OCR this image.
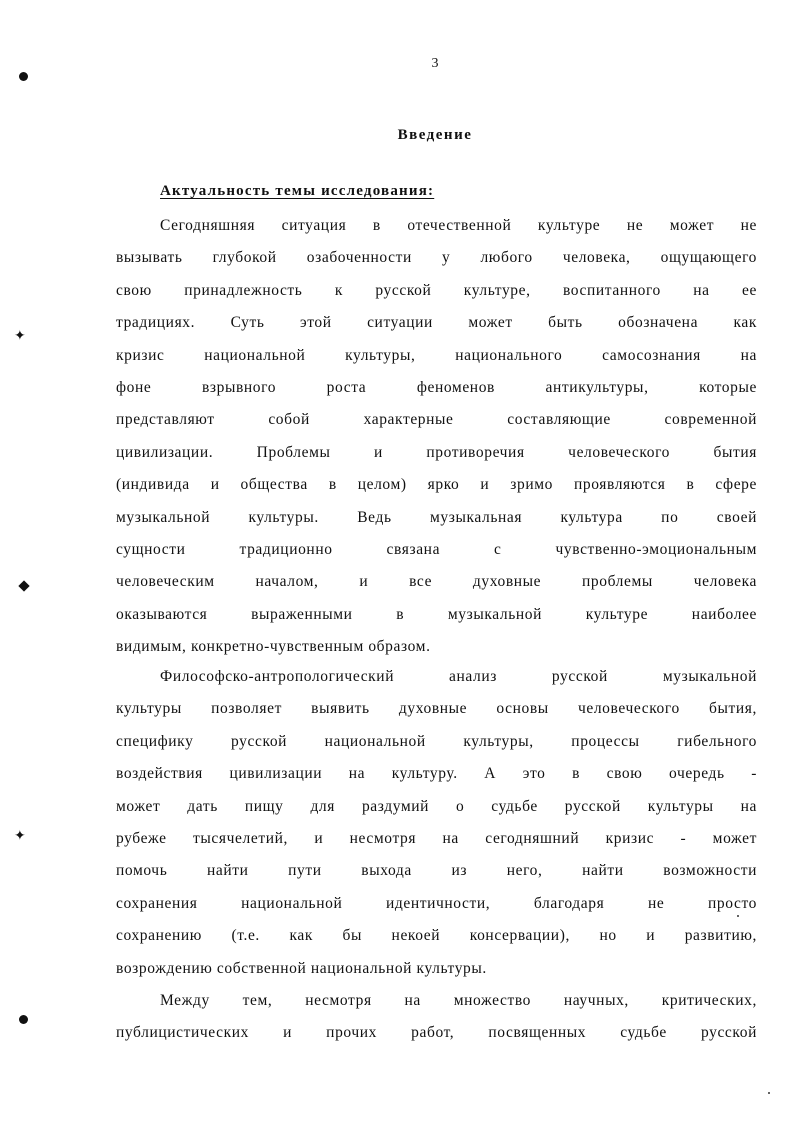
3
Введение
Актуальность темы исследования:
Сегодняшняя ситуация в отечественной культуре не может не
вызывать глубокой озабоченности у любого человека, ощущающего
свою принадлежность к русской культуре, воспитанного на ее
традициях. Суть этой ситуации может быть обозначена как
кризис национальной культуры, национального самосознания на
фоне взрывного роста феноменов антикультуры, которые
представляют собой характерные составляющие современной
цивилизации. Проблемы и противоречия человеческого бытия
(индивида и общества в целом) ярко и зримо проявляются в сфере
музыкальной культуры. Ведь музыкальная культура по своей
сущности традиционно связана с чувственно-эмоциональным
человеческим началом, и все духовные проблемы человека
оказываются выраженными в музыкальной культуре наиболее
видимым, конкретно-чувственным образом.
Философско-антропологический анализ русской музыкальной
культуры позволяет выявить духовные основы человеческого бытия,
специфику русской национальной культуры, процессы гибельного
воздействия цивилизации на культуру. А это в свою очередь -
может дать пищу для раздумий о судьбе русской культуры на
рубеже тысячелетий, и несмотря на сегодняшний кризис - может
помочь найти пути выхода из него, найти возможности
сохранения национальной идентичности, благодаря не просто
сохранению (т.е. как бы некоей консервации), но и развитию,
возрождению собственной национальной культуры.
Между тем, несмотря на множество научных, критических,
публицистических и прочих работ, посвященных судьбе русской
✦
✦
